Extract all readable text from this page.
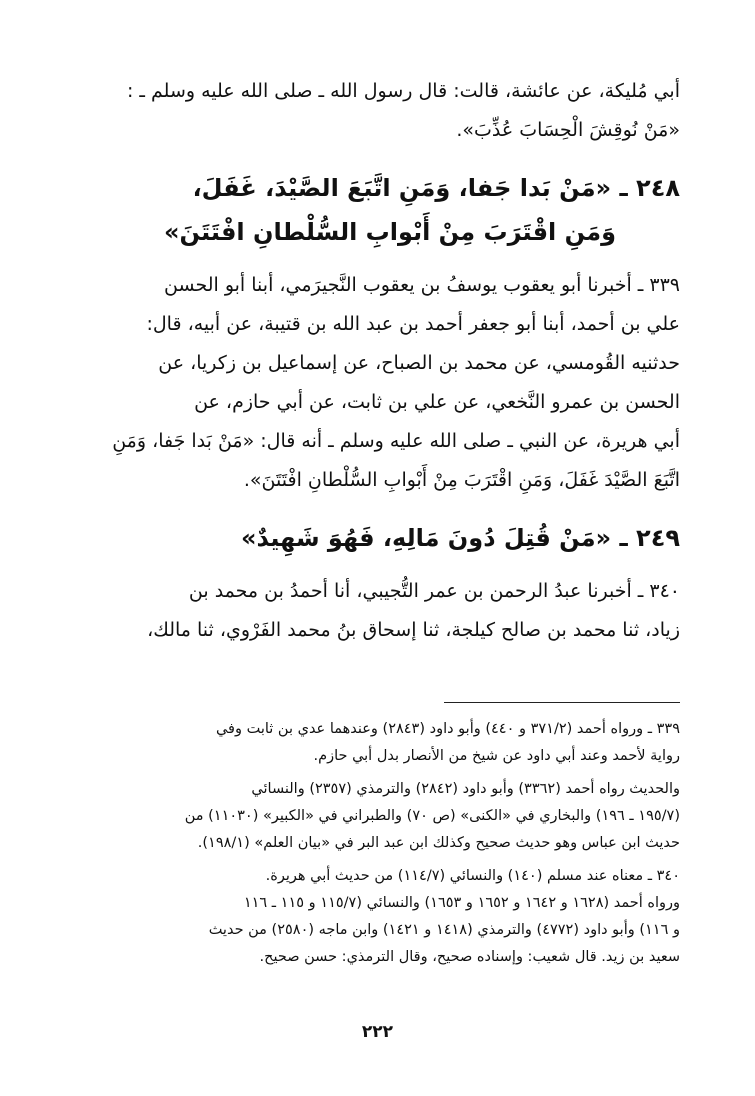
أبي مُليكة، عن عائشة، قالت: قال رسول الله ـ صلى الله عليه وسلم ـ :
«مَنْ نُوقِشَ الْحِسَابَ عُذِّبَ».
٢٤٨ ـ «مَنْ بَدا جَفا، وَمَنِ اتَّبَعَ الصَّيْدَ، غَفَلَ،
وَمَنِ اقْتَرَبَ مِنْ أَبْوابِ السُّلْطانِ افْتَتَنَ»
٣٣٩ ـ أخبرنا أبو يعقوب يوسفُ بن يعقوب النَّجيرَمي، أبنا أبو الحسن
علي بن أحمد، أبنا أبو جعفر أحمد بن عبد الله بن قتيبة، عن أبيه، قال:
حدثنيه القُومسي، عن محمد بن الصباح، عن إسماعيل بن زكريا، عن
الحسن بن عمرو النَّخعي، عن علي بن ثابت، عن أبي حازم، عن
أبي هريرة، عن النبي ـ صلى الله عليه وسلم ـ أنه قال: «مَنْ بَدا جَفا، وَمَنِ
اتَّبَعَ الصَّيْدَ غَفَلَ، وَمَنِ اقْتَرَبَ مِنْ أَبْوابِ السُّلْطانِ افْتَتَنَ».
٢٤٩ ـ «مَنْ قُتِلَ دُونَ مَالِهِ، فَهُوَ شَهِيدٌ»
٣٤٠ ـ أخبرنا عبدُ الرحمن بن عمر التُّجيبي، أنا أحمدُ بن محمد بن
زياد، ثنا محمد بن صالح كيلجة، ثنا إسحاق بنُ محمد الفَرْوي، ثنا مالك،
٣٣٩ ـ ورواه أحمد (٣٧١/٢ و ٤٤٠) وأبو داود (٢٨٤٣) وعندهما عدي بن ثابت وفي
رواية لأحمد وعند أبي داود عن شيخ من الأنصار بدل أبي حازم.
والحديث رواه أحمد (٣٣٦٢) وأبو داود (٢٨٤٢) والترمذي (٢٣٥٧) والنسائي
(١٩٥/٧ ـ ١٩٦) والبخاري في «الكنى» (ص ٧٠) والطبراني في «الكبير» (١١٠٣٠) من
حديث ابن عباس وهو حديث صحيح وكذلك ابن عبد البر في «بيان العلم» (١٩٨/١).
٣٤٠ ـ معناه عند مسلم (١٤٠) والنسائي (١١٤/٧) من حديث أبي هريرة.
ورواه أحمد (١٦٢٨ و ١٦٤٢ و ١٦٥٢ و ١٦٥٣) والنسائي (١١٥/٧ و ١١٥ ـ ١١٦
و ١١٦) وأبو داود (٤٧٧٢) والترمذي (١٤١٨ و ١٤٢١) وابن ماجه (٢٥٨٠) من حديث
سعيد بن زيد. قال شعيب: وإسناده صحيح، وقال الترمذي: حسن صحيح.
٢٢٢
